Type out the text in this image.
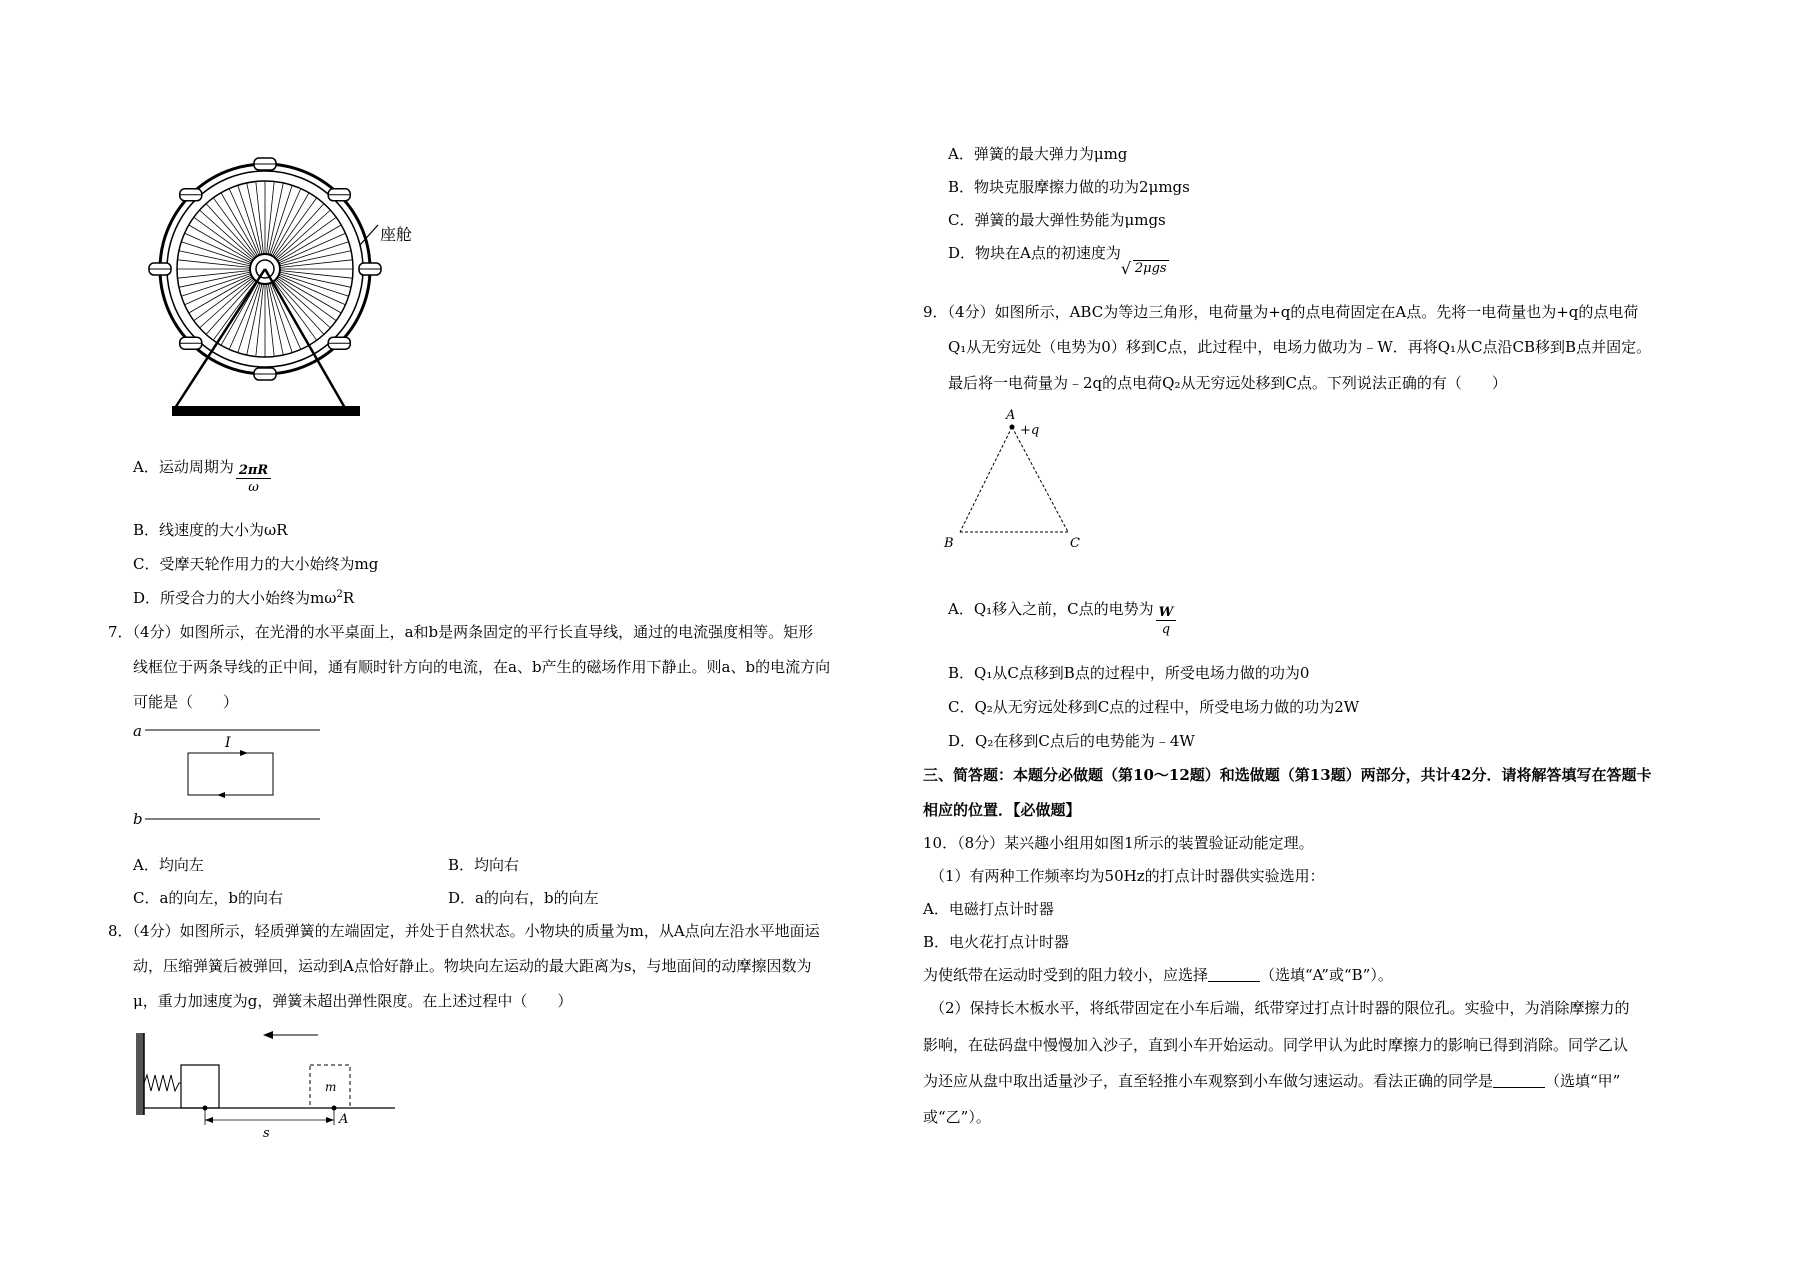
座舱
A．运动周期为 $\frac{2\pi R}{\omega}$
B．线速度的大小为ωR
C．受摩天轮作用力的大小始终为mg
D．所受合力的大小始终为$m\omega^2R$
7．（4分）如图所示，在光滑的水平桌面上，a和b是两条固定的平行长直导线，通过的电流强度相等。矩形
线框位于两条导线的正中间，通有顺时针方向的电流，在a、b产生的磁场作用下静止。则a、b的电流方向
可能是（　　）
a
I
b
A．均向左	B．均向右
C．a的向左，b的向右	D．a的向右，b的向左
8．（4分）如图所示，轻质弹簧的左端固定，并处于自然状态。小物块的质量为m，从A点向左沿水平地面运
动，压缩弹簧后被弹回，运动到A点恰好静止。物块向左运动的最大距离为s，与地面间的动摩擦因数为
μ，重力加速度为g，弹簧未超出弹性限度。在上述过程中（　　）
m
s
A
A．弹簧的最大弹力为μmg
B．物块克服摩擦力做的功为2μmgs
C．弹簧的最大弹性势能为μmgs
D．物块在A点的初速度为
√ 2μgs
9．（4分）如图所示，ABC为等边三角形，电荷量为+q的点电荷固定在A点。先将一电荷量也为+q的点电荷
Q₁从无穷远处（电势为0）移到C点，此过程中，电场力做功为﹣W．再将Q₁从C点沿CB移到B点并固定。
最后将一电荷量为﹣2q的点电荷Q₂从无穷远处移到C点。下列说法正确的有（　　）
A
+q
B	C
A．Q₁移入之前，C点的电势为 $\frac{W}{q}$
B．Q₁从C点移到B点的过程中，所受电场力做的功为0
C．Q₂从无穷远处移到C点的过程中，所受电场力做的功为2W
D．Q₂在移到C点后的电势能为﹣4W
三、简答题：本题分必做题（第10～12题）和选做题（第13题）两部分，共计42分．请将解答填写在答题卡
相应的位置．【必做题】
10．（8分）某兴趣小组用如图1所示的装置验证动能定理。
（1）有两种工作频率均为50Hz的打点计时器供实验选用：
A．电磁打点计时器
B．电火花打点计时器
为使纸带在运动时受到的阻力较小，应选择	（选填“A”或“B”）。
（2）保持长木板水平，将纸带固定在小车后端，纸带穿过打点计时器的限位孔。实验中，为消除摩擦力的
影响，在砝码盘中慢慢加入沙子，直到小车开始运动。同学甲认为此时摩擦力的影响已得到消除。同学乙认
为还应从盘中取出适量沙子，直至轻推小车观察到小车做匀速运动。看法正确的同学是	（选填“甲”
或“乙”）。
